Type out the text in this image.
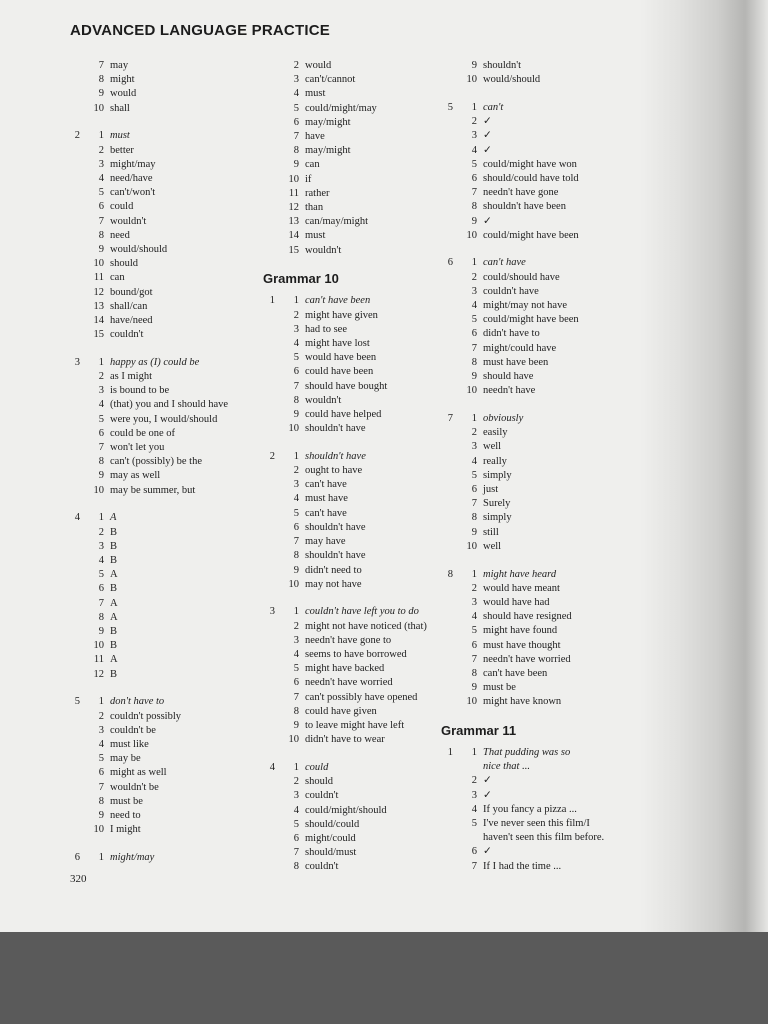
ADVANCED LANGUAGE PRACTICE
7 may
8 might
9 would
10 shall
2	1 must
2 better
3 might/may
4 need/have
5 can't/won't
6 could
7 wouldn't
8 need
9 would/should
10 should
11 can
12 bound/got
13 shall/can
14 have/need
15 couldn't
3	1 happy as (I) could be
2 as I might
3 is bound to be
4 (that) you and I should have
5 were you, I would/should
6 could be one of
7 won't let you
8 can't (possibly) be the
9 may as well
10 may be summer, but
4	1 A
2 B
3 B
4 B
5 A
6 B
7 A
8 A
9 B
10 B
11 A
12 B
5	1 don't have to
2 couldn't possibly
3 couldn't be
4 must like
5 may be
6 might as well
7 wouldn't be
8 must be
9 need to
10 I might
6	1 might/may
2 would
3 can't/cannot
4 must
5 could/might/may
6 may/might
7 have
8 may/might
9 can
10 if
11 rather
12 than
13 can/may/might
14 must
15 wouldn't
Grammar 10
1	1 can't have been
2 might have given
3 had to see
4 might have lost
5 would have been
6 could have been
7 should have bought
8 wouldn't
9 could have helped
10 shouldn't have
2	1 shouldn't have
2 ought to have
3 can't have
4 must have
5 can't have
6 shouldn't have
7 may have
8 shouldn't have
9 didn't need to
10 may not have
3	1 couldn't have left you to do
2 might not have noticed (that)
3 needn't have gone to
4 seems to have borrowed
5 might have backed
6 needn't have worried
7 can't possibly have opened
8 could have given
9 to leave might have left
10 didn't have to wear
4	1 could
2 should
3 couldn't
4 could/might/should
5 should/could
6 might/could
7 should/must
8 couldn't
9 shouldn't
10 would/should
5	1 can't
2 ✓
3 ✓
4 ✓
5 could/might have won
6 should/could have told
7 needn't have gone
8 shouldn't have been
9 ✓
10 could/might have been
6	1 can't have
2 could/should have
3 couldn't have
4 might/may not have
5 could/might have been
6 didn't have to
7 might/could have
8 must have been
9 should have
10 needn't have
7	1 obviously
2 easily
3 well
4 really
5 simply
6 just
7 Surely
8 simply
9 still
10 well
8	1 might have heard
2 would have meant
3 would have had
4 should have resigned
5 might have found
6 must have thought
7 needn't have worried
8 can't have been
9 must be
10 might have known
Grammar 11
1	1 That pudding was so
nice that ...
2 ✓
3 ✓
4 If you fancy a pizza ...
5 I've never seen this film/I
haven't seen this film before.
6 ✓
7 If I had the time ...
320
